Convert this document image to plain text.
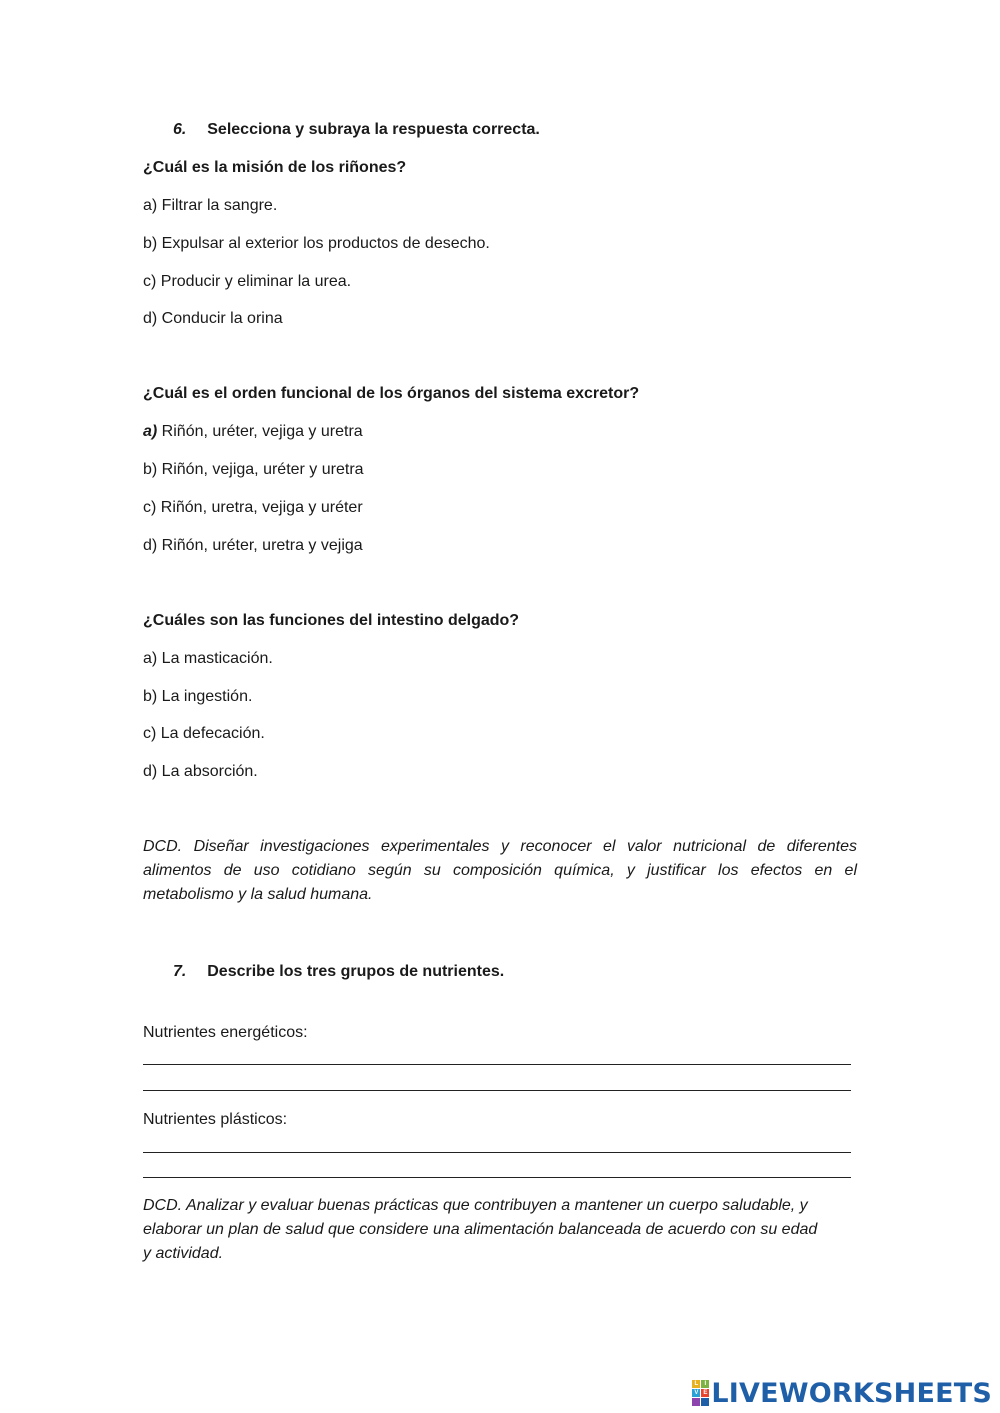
6. Selecciona y subraya la respuesta correcta.
¿Cuál es la misión de los riñones?
a) Filtrar la sangre.
b) Expulsar al exterior los productos de desecho.
c) Producir y eliminar la urea.
d) Conducir la orina
¿Cuál es el orden funcional de los órganos del sistema excretor?
a) Riñón, uréter, vejiga y uretra
b) Riñón, vejiga, uréter y uretra
c) Riñón, uretra, vejiga y uréter
d) Riñón, uréter, uretra y vejiga
¿Cuáles son las funciones del intestino delgado?
a) La masticación.
b) La ingestión.
c) La defecación.
d) La absorción.
DCD. Diseñar investigaciones experimentales y reconocer el valor nutricional de diferentes
alimentos de uso cotidiano según su composición química, y justificar los efectos en el
metabolismo y la salud humana.
7. Describe los tres grupos de nutrientes.
Nutrientes energéticos:
Nutrientes plásticos:
DCD. Analizar y evaluar buenas prácticas que contribuyen a mantener un cuerpo saludable, y
elaborar un plan de salud que considere una alimentación balanceada de acuerdo con su edad
y actividad.
L	I
V E LIVEWORKSHEETS
